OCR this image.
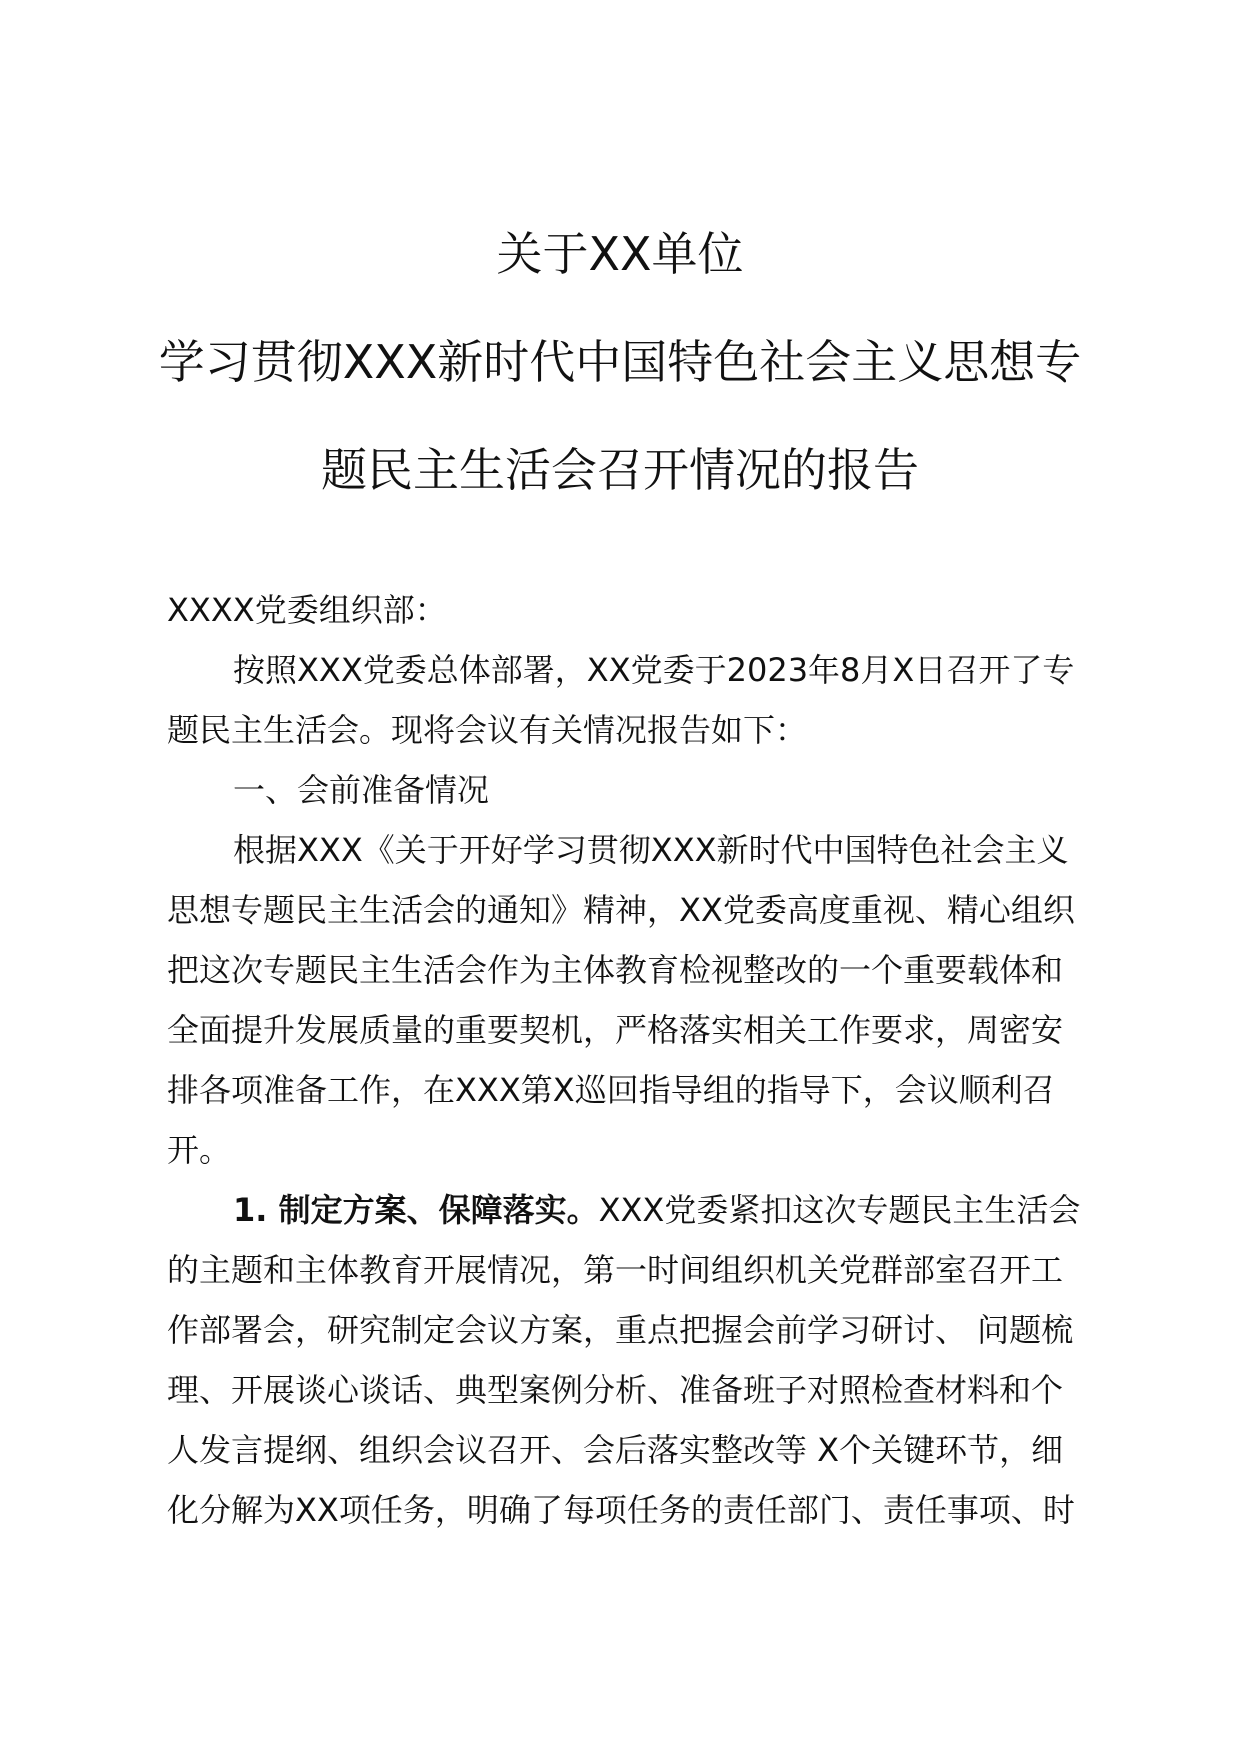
关于XX单位
学习贯彻XXX新时代中国特色社会主义思想专
题民主生活会召开情况的报告
XXXX党委组织部：
按照XXX党委总体部署，XX党委于2023年8月X日召开了专
题民主生活会。现将会议有关情况报告如下：
一、会前准备情况
根据XXX《关于开好学习贯彻XXX新时代中国特色社会主义
思想专题民主生活会的通知》精神，XX党委高度重视、精心组织
把这次专题民主生活会作为主体教育检视整改的一个重要载体和
全面提升发展质量的重要契机，严格落实相关工作要求，周密安
排各项准备工作，在XXX第X巡回指导组的指导下，会议顺利召
开。
1. 制定方案、保障落实。XXX党委紧扣这次专题民主生活会
的主题和主体教育开展情况，第一时间组织机关党群部室召开工
作部署会，研究制定会议方案，重点把握会前学习研讨、 问题梳
理、开展谈心谈话、典型案例分析、准备班子对照检查材料和个
人发言提纲、组织会议召开、会后落实整改等 X个关键环节，细
化分解为XX项任务，明确了每项任务的责任部门、责任事项、时
